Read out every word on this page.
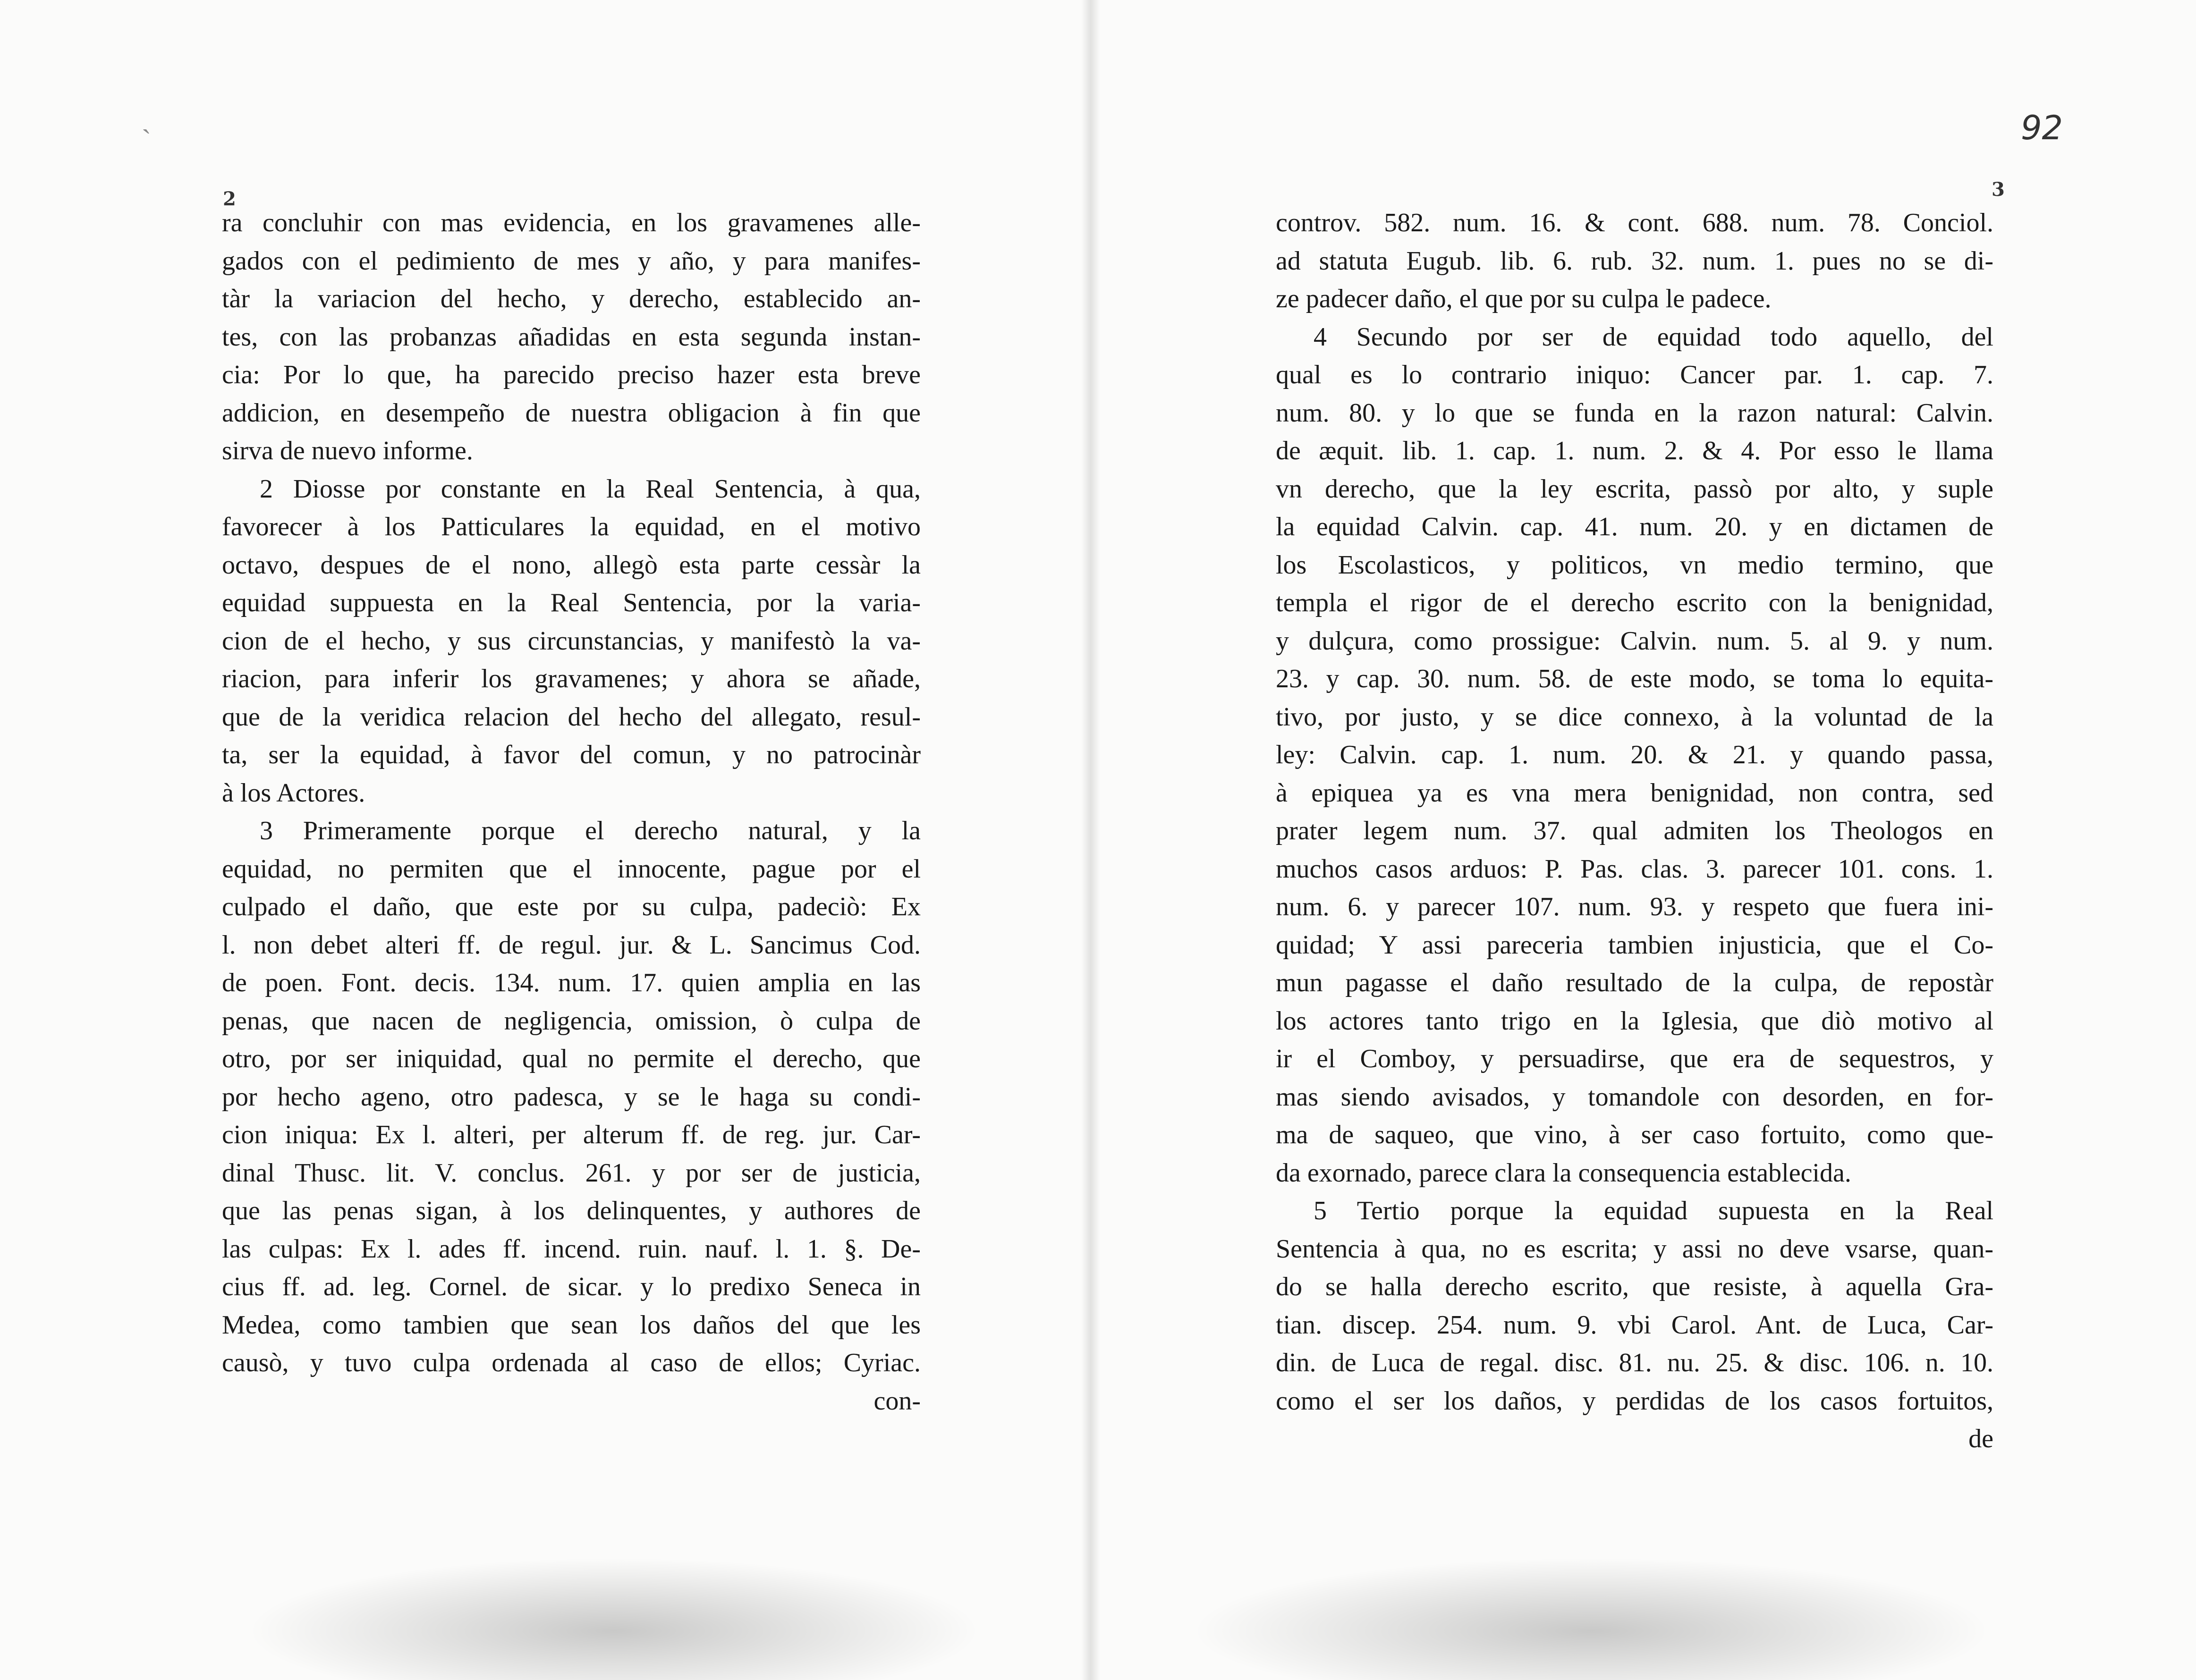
ˎ
2
ra concluhir con mas evidencia, en los gravamenes alle-
gados con el pedimiento de mes y año, y para manifes-
tàr la variacion del hecho, y derecho, establecido an-
tes, con las probanzas añadidas en esta segunda instan-
cia: Por lo que, ha parecido preciso hazer esta breve
addicion, en desempeño de nuestra obligacion à fin que
sirva de nuevo informe.
2 Diosse por constante en la Real Sentencia, à qua,
favorecer à los Patticulares la equidad, en el motivo
octavo, despues de el nono, allegò esta parte cessàr la
equidad suppuesta en la Real Sentencia, por la varia-
cion de el hecho, y sus circunstancias, y manifestò la va-
riacion, para inferir los gravamenes; y ahora se añade,
que de la veridica relacion del hecho del allegato, resul-
ta, ser la equidad, à favor del comun, y no patrocinàr
à los Actores.
3 Primeramente porque el derecho natural, y la
equidad, no permiten que el innocente, pague por el
culpado el daño, que este por su culpa, padeciò: Ex
l. non debet alteri ff. de regul. jur. & L. Sancimus Cod.
de poen. Font. decis. 134. num. 17. quien amplia en las
penas, que nacen de negligencia, omission, ò culpa de
otro, por ser iniquidad, qual no permite el derecho, que
por hecho ageno, otro padesca, y se le haga su condi-
cion iniqua: Ex l. alteri, per alterum ff. de reg. jur. Car-
dinal Thusc. lit. V. conclus. 261. y por ser de justicia,
que las penas sigan, à los delinquentes, y authores de
las culpas: Ex l. ades ff. incend. ruin. nauf. l. 1. §. De-
cius ff. ad. leg. Cornel. de sicar. y lo predixo Seneca in
Medea, como tambien que sean los daños del que les
causò, y tuvo culpa ordenada al caso de ellos; Cyriac.
con-
92
3
controv. 582. num. 16. & cont. 688. num. 78. Conciol.
ad statuta Eugub. lib. 6. rub. 32. num. 1. pues no se di-
ze padecer daño, el que por su culpa le padece.
4 Secundo por ser de equidad todo aquello, del
qual es lo contrario iniquo: Cancer par. 1. cap. 7.
num. 80. y lo que se funda en la razon natural: Calvin.
de æquit. lib. 1. cap. 1. num. 2. & 4. Por esso le llama
vn derecho, que la ley escrita, passò por alto, y suple
la equidad Calvin. cap. 41. num. 20. y en dictamen de
los Escolasticos, y politicos, vn medio termino, que
templa el rigor de el derecho escrito con la benignidad,
y dulçura, como prossigue: Calvin. num. 5. al 9. y num.
23. y cap. 30. num. 58. de este modo, se toma lo equita-
tivo, por justo, y se dice connexo, à la voluntad de la
ley: Calvin. cap. 1. num. 20. & 21. y quando passa,
à epiquea ya es vna mera benignidad, non contra, sed
prater legem num. 37. qual admiten los Theologos en
muchos casos arduos: P. Pas. clas. 3. parecer 101. cons. 1.
num. 6. y parecer 107. num. 93. y respeto que fuera ini-
quidad; Y assi pareceria tambien injusticia, que el Co-
mun pagasse el daño resultado de la culpa, de repostàr
los actores tanto trigo en la Iglesia, que diò motivo al
ir el Comboy, y persuadirse, que era de sequestros, y
mas siendo avisados, y tomandole con desorden, en for-
ma de saqueo, que vino, à ser caso fortuito, como que-
da exornado, parece clara la consequencia establecida.
5 Tertio porque la equidad supuesta en la Real
Sentencia à qua, no es escrita; y assi no deve vsarse, quan-
do se halla derecho escrito, que resiste, à aquella Gra-
tian. discep. 254. num. 9. vbi Carol. Ant. de Luca, Car-
din. de Luca de regal. disc. 81. nu. 25. & disc. 106. n. 10.
como el ser los daños, y perdidas de los casos fortuitos,
de
